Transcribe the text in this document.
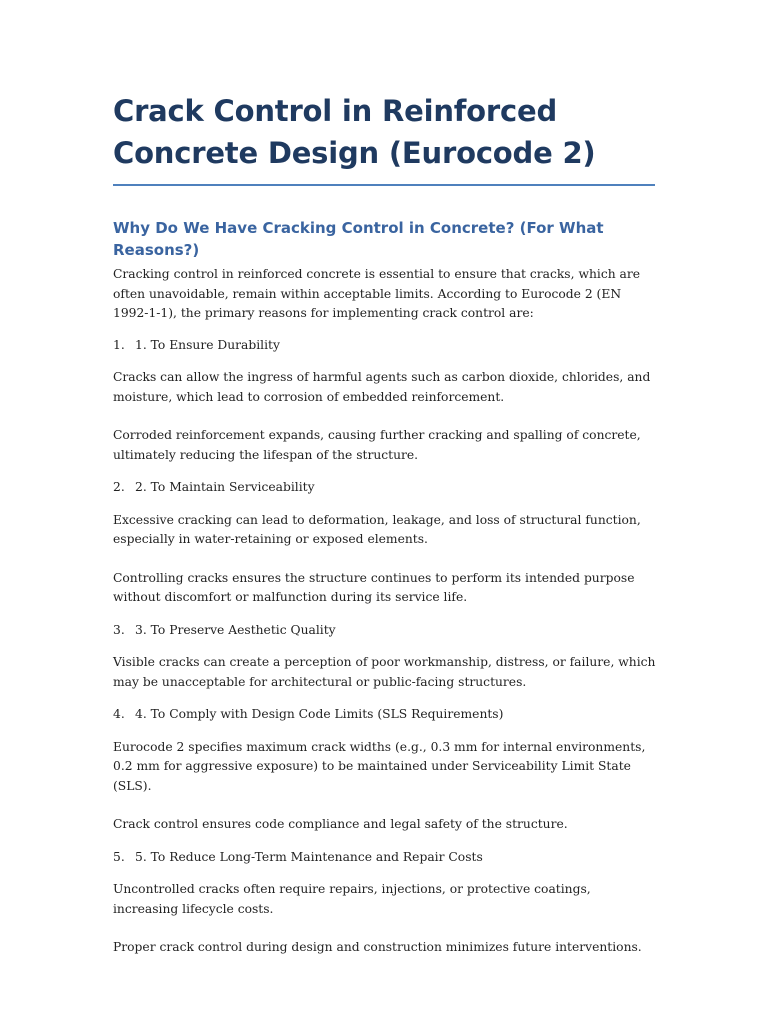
Crack Control in Reinforced Concrete Design (Eurocode 2)
Why Do We Have Cracking Control in Concrete? (For What Reasons?)

Cracking control in reinforced concrete is essential to ensure that cracks, which are often unavoidable, remain within acceptable limits. According to Eurocode 2 (EN 1992-1-1), the primary reasons for implementing crack control are:

1. 1. To Ensure Durability

Cracks can allow the ingress of harmful agents such as carbon dioxide, chlorides, and moisture, which lead to corrosion of embedded reinforcement.

Corroded reinforcement expands, causing further cracking and spalling of concrete, ultimately reducing the lifespan of the structure.

2. 2. To Maintain Serviceability

Excessive cracking can lead to deformation, leakage, and loss of structural function, especially in water-retaining or exposed elements.

Controlling cracks ensures the structure continues to perform its intended purpose without discomfort or malfunction during its service life.

3. 3. To Preserve Aesthetic Quality

Visible cracks can create a perception of poor workmanship, distress, or failure, which may be unacceptable for architectural or public-facing structures.

4. 4. To Comply with Design Code Limits (SLS Requirements)

Eurocode 2 specifies maximum crack widths (e.g., 0.3 mm for internal environments, 0.2 mm for aggressive exposure) to be maintained under Serviceability Limit State (SLS).

Crack control ensures code compliance and legal safety of the structure.

5. 5. To Reduce Long-Term Maintenance and Repair Costs

Uncontrolled cracks often require repairs, injections, or protective coatings, increasing lifecycle costs.

Proper crack control during design and construction minimizes future interventions.
